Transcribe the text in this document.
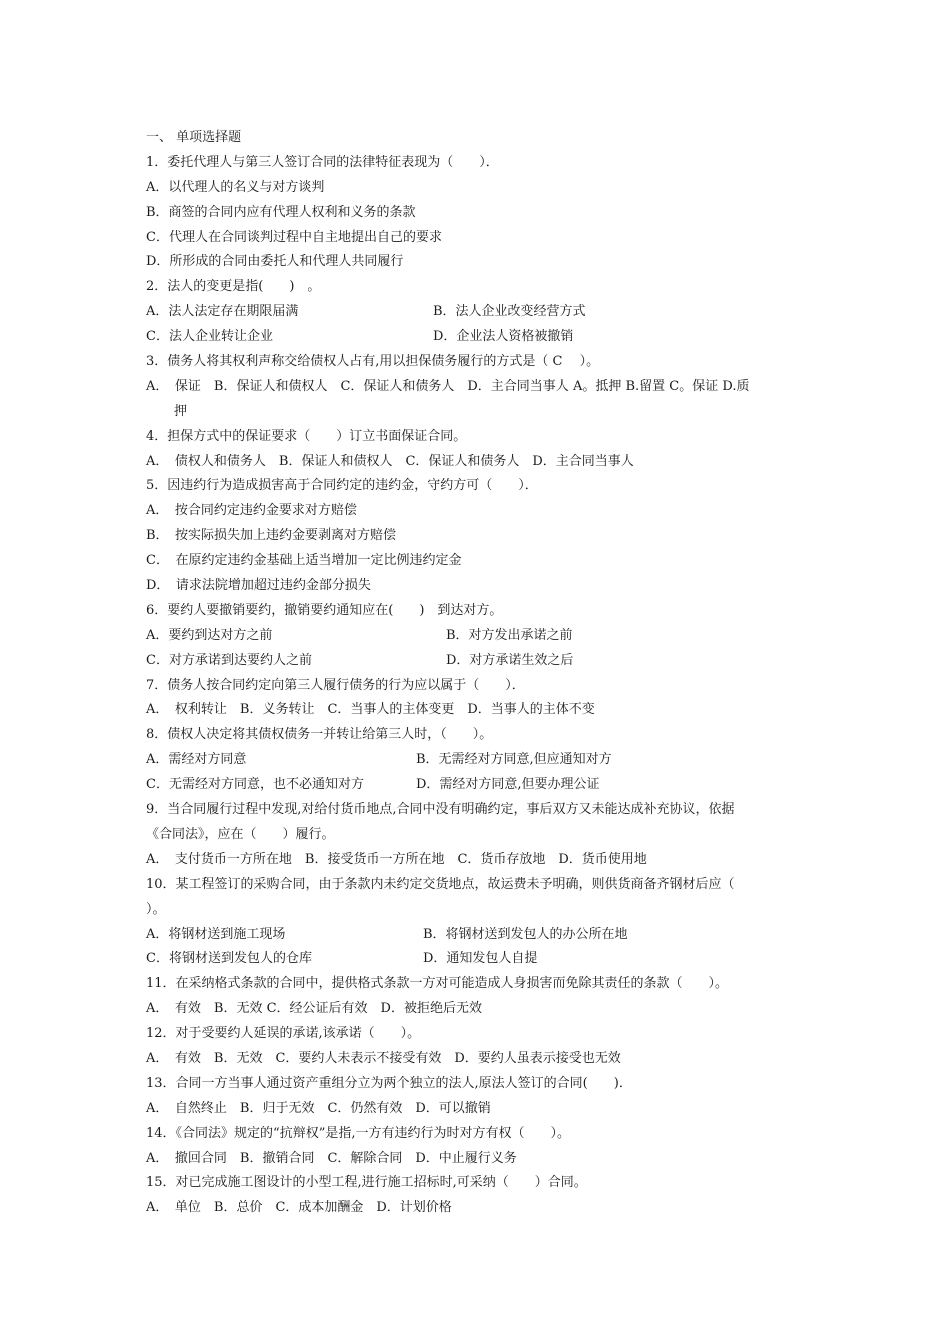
一、 单项选择题
1．委托代理人与第三人签订合同的法律特征表现为（　　）．
A．以代理人的名义与对方谈判
B．商签的合同内应有代理人权利和义务的条款
C．代理人在合同谈判过程中自主地提出自己的要求
D．所形成的合同由委托人和代理人共同履行
2．法人的变更是指(　　)　。
A．法人法定存在期限届满	B．法人企业改变经营方式
C．法人企业转让企业	D．企业法人资格被撤销
3．债务人将其权利声称交给债权人占有,用以担保债务履行的方式是（ C　 ）。
A．　保证　B．保证人和债权人　C．保证人和债务人　D．主合同当事人 A。抵押 B.留置 C。保证 D.质
押
4．担保方式中的保证要求（　　）订立书面保证合同。
A．　债权人和债务人　B．保证人和债权人　C．保证人和债务人　D．主合同当事人
5．因违约行为造成损害高于合同约定的违约金，守约方可（　　）．
A．　按合同约定违约金要求对方赔偿
B．　按实际损失加上违约金要剥离对方赔偿
C．　在原约定违约金基础上适当增加一定比例违约定金
D．　请求法院增加超过违约金部分损失
6．要约人要撤销要约，撤销要约通知应在(　　)　到达对方。
A．要约到达对方之前	B．对方发出承诺之前
C．对方承诺到达要约人之前	D．对方承诺生效之后
7．债务人按合同约定向第三人履行债务的行为应以属于（　　）．
A．　权利转让　B．义务转让　C．当事人的主体变更　D．当事人的主体不变
8．债权人决定将其债权债务一并转让给第三人时，（　　）。
A．需经对方同意	B．无需经对方同意,但应通知对方
C．无需经对方同意，也不必通知对方	D．需经对方同意,但要办理公证
9．当合同履行过程中发现,对给付货币地点,合同中没有明确约定，事后双方又未能达成补充协议，依据
《合同法》，应在（　　）履行。
A．　支付货币一方所在地　B．接受货币一方所在地　C．货币存放地　D．货币使用地
10．某工程签订的采购合同，由于条款内未约定交货地点，故运费未予明确，则供货商备齐钢材后应（
）。
A．将钢材送到施工现场	B．将钢材送到发包人的办公所在地
C．将钢材送到发包人的仓库	D．通知发包人自提
11．在采纳格式条款的合同中，提供格式条款一方对可能造成人身损害而免除其责任的条款（　　）。
A．　有效　B．无效 C．经公证后有效　D．被拒绝后无效
12．对于受要约人延误的承诺,该承诺（　　）。
A．　有效　B．无效　C．要约人未表示不接受有效　D．要约人虽表示接受也无效
13．合同一方当事人通过资产重组分立为两个独立的法人,原法人签订的合同(　　)．
A．　自然终止　B．归于无效　C．仍然有效　D．可以撤销
14．《合同法》规定的“抗辩权”是指,一方有违约行为时对方有权（　　）。
A．　撤回合同　B．撤销合同　C．解除合同　D．中止履行义务
15．对已完成施工图设计的小型工程,进行施工招标时,可采纳（　　）合同。
A．　单位　B．总价　C．成本加酬金　D．计划价格
